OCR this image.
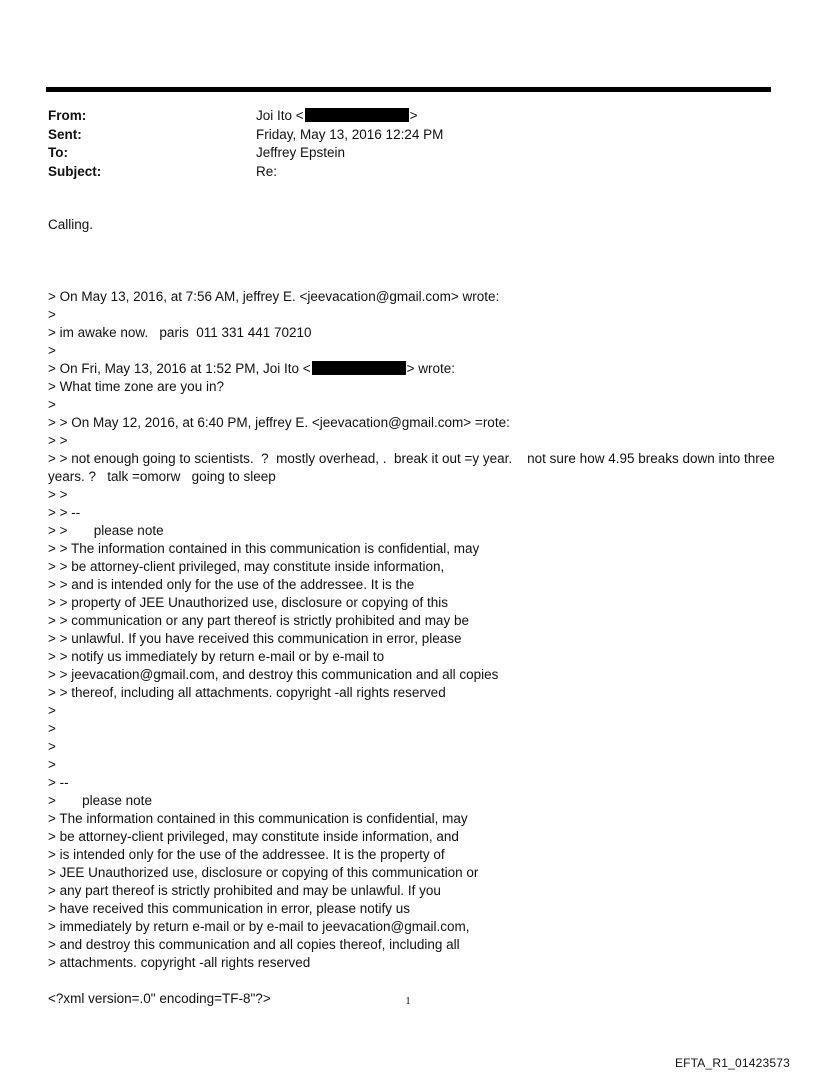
From:	Joi Ito <	>
Sent:	Friday, May 13, 2016 12:24 PM
To:	Jeffrey Epstein
Subject:	Re:
Calling.
> On May 13, 2016, at 7:56 AM, jeffrey E. <jeevacation@gmail.com> wrote:
>
> im awake now.   paris  011 331 441 70210
>
> On Fri, May 13, 2016 at 1:52 PM, Joi Ito <	> wrote:
> What time zone are you in?
>
> > On May 12, 2016, at 6:40 PM, jeffrey E. <jeevacation@gmail.com> =rote:
> >
> > not enough going to scientists.  ?  mostly overhead, .  break it out =y year.    not sure how 4.95 breaks down into three years. ?   talk =omorw   going to sleep
> >
> > --
> >       please note
> > The information contained in this communication is confidential, may
> > be attorney-client privileged, may constitute inside information,
> > and is intended only for the use of the addressee. It is the
> > property of JEE Unauthorized use, disclosure or copying of this
> > communication or any part thereof is strictly prohibited and may be
> > unlawful. If you have received this communication in error, please
> > notify us immediately by return e-mail or by e-mail to
> > jeevacation@gmail.com, and destroy this communication and all copies
> > thereof, including all attachments. copyright -all rights reserved
>
>
>
>
> --
>       please note
> The information contained in this communication is confidential, may
> be attorney-client privileged, may constitute inside information, and
> is intended only for the use of the addressee. It is the property of
> JEE Unauthorized use, disclosure or copying of this communication or
> any part thereof is strictly prohibited and may be unlawful. If you
> have received this communication in error, please notify us
> immediately by return e-mail or by e-mail to jeevacation@gmail.com,
> and destroy this communication and all copies thereof, including all
> attachments. copyright -all rights reserved
<?xml version=.0" encoding=TF-8"?>	1
EFTA_R1_01423573
